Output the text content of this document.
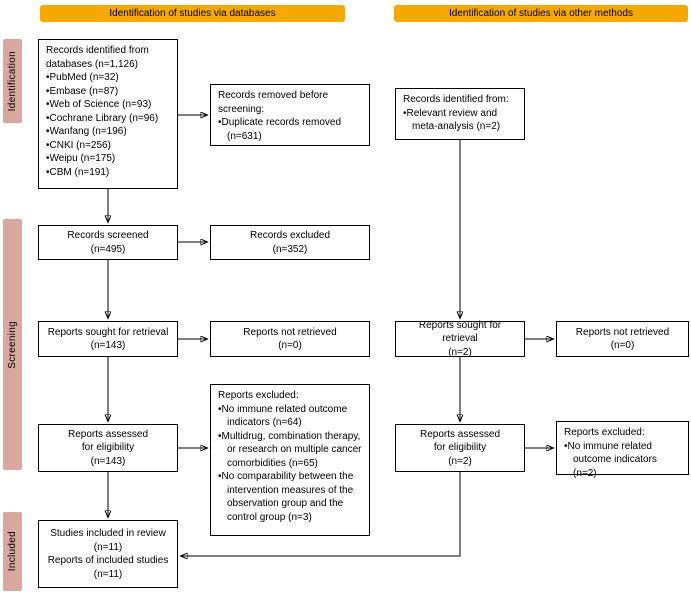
Identification of studies via databases	Identification of studies via other methods
Identification
Screening
Included
Records identified from
databases (n=1,126)
• PubMed (n=32)
• Embase (n=87)
• Web of Science (n=93)
• Cochrane Library (n=96)
• Wanfang (n=196)
• CNKI (n=256)
• Weipu (n=175)
• CBM (n=191)
Records screened
(n=495)
Reports sought for retrieval
(n=143)
Reports assessed
for eligibility
(n=143)
Studies included in review
(n=11)
Reports of included studies
(n=11)
Records removed before
screening:
• Duplicate records removed (n=631)
Records excluded
(n=352)
Reports not retrieved
(n=0)
Reports excluded:
• No immune related outcome indicators (n=64)
• Multidrug, combination therapy, or research on multiple cancer comorbidities (n=65)
• No comparability between the intervention measures of the observation group and the control group (n=3)
Records identified from:
• Relevant review and meta-analysis (n=2)
Reports sought for retrieval
(n=2)
Reports assessed
for eligibility
(n=2)
Reports not retrieved
(n=0)
Reports excluded:
• No immune related outcome indicators (n=2)
